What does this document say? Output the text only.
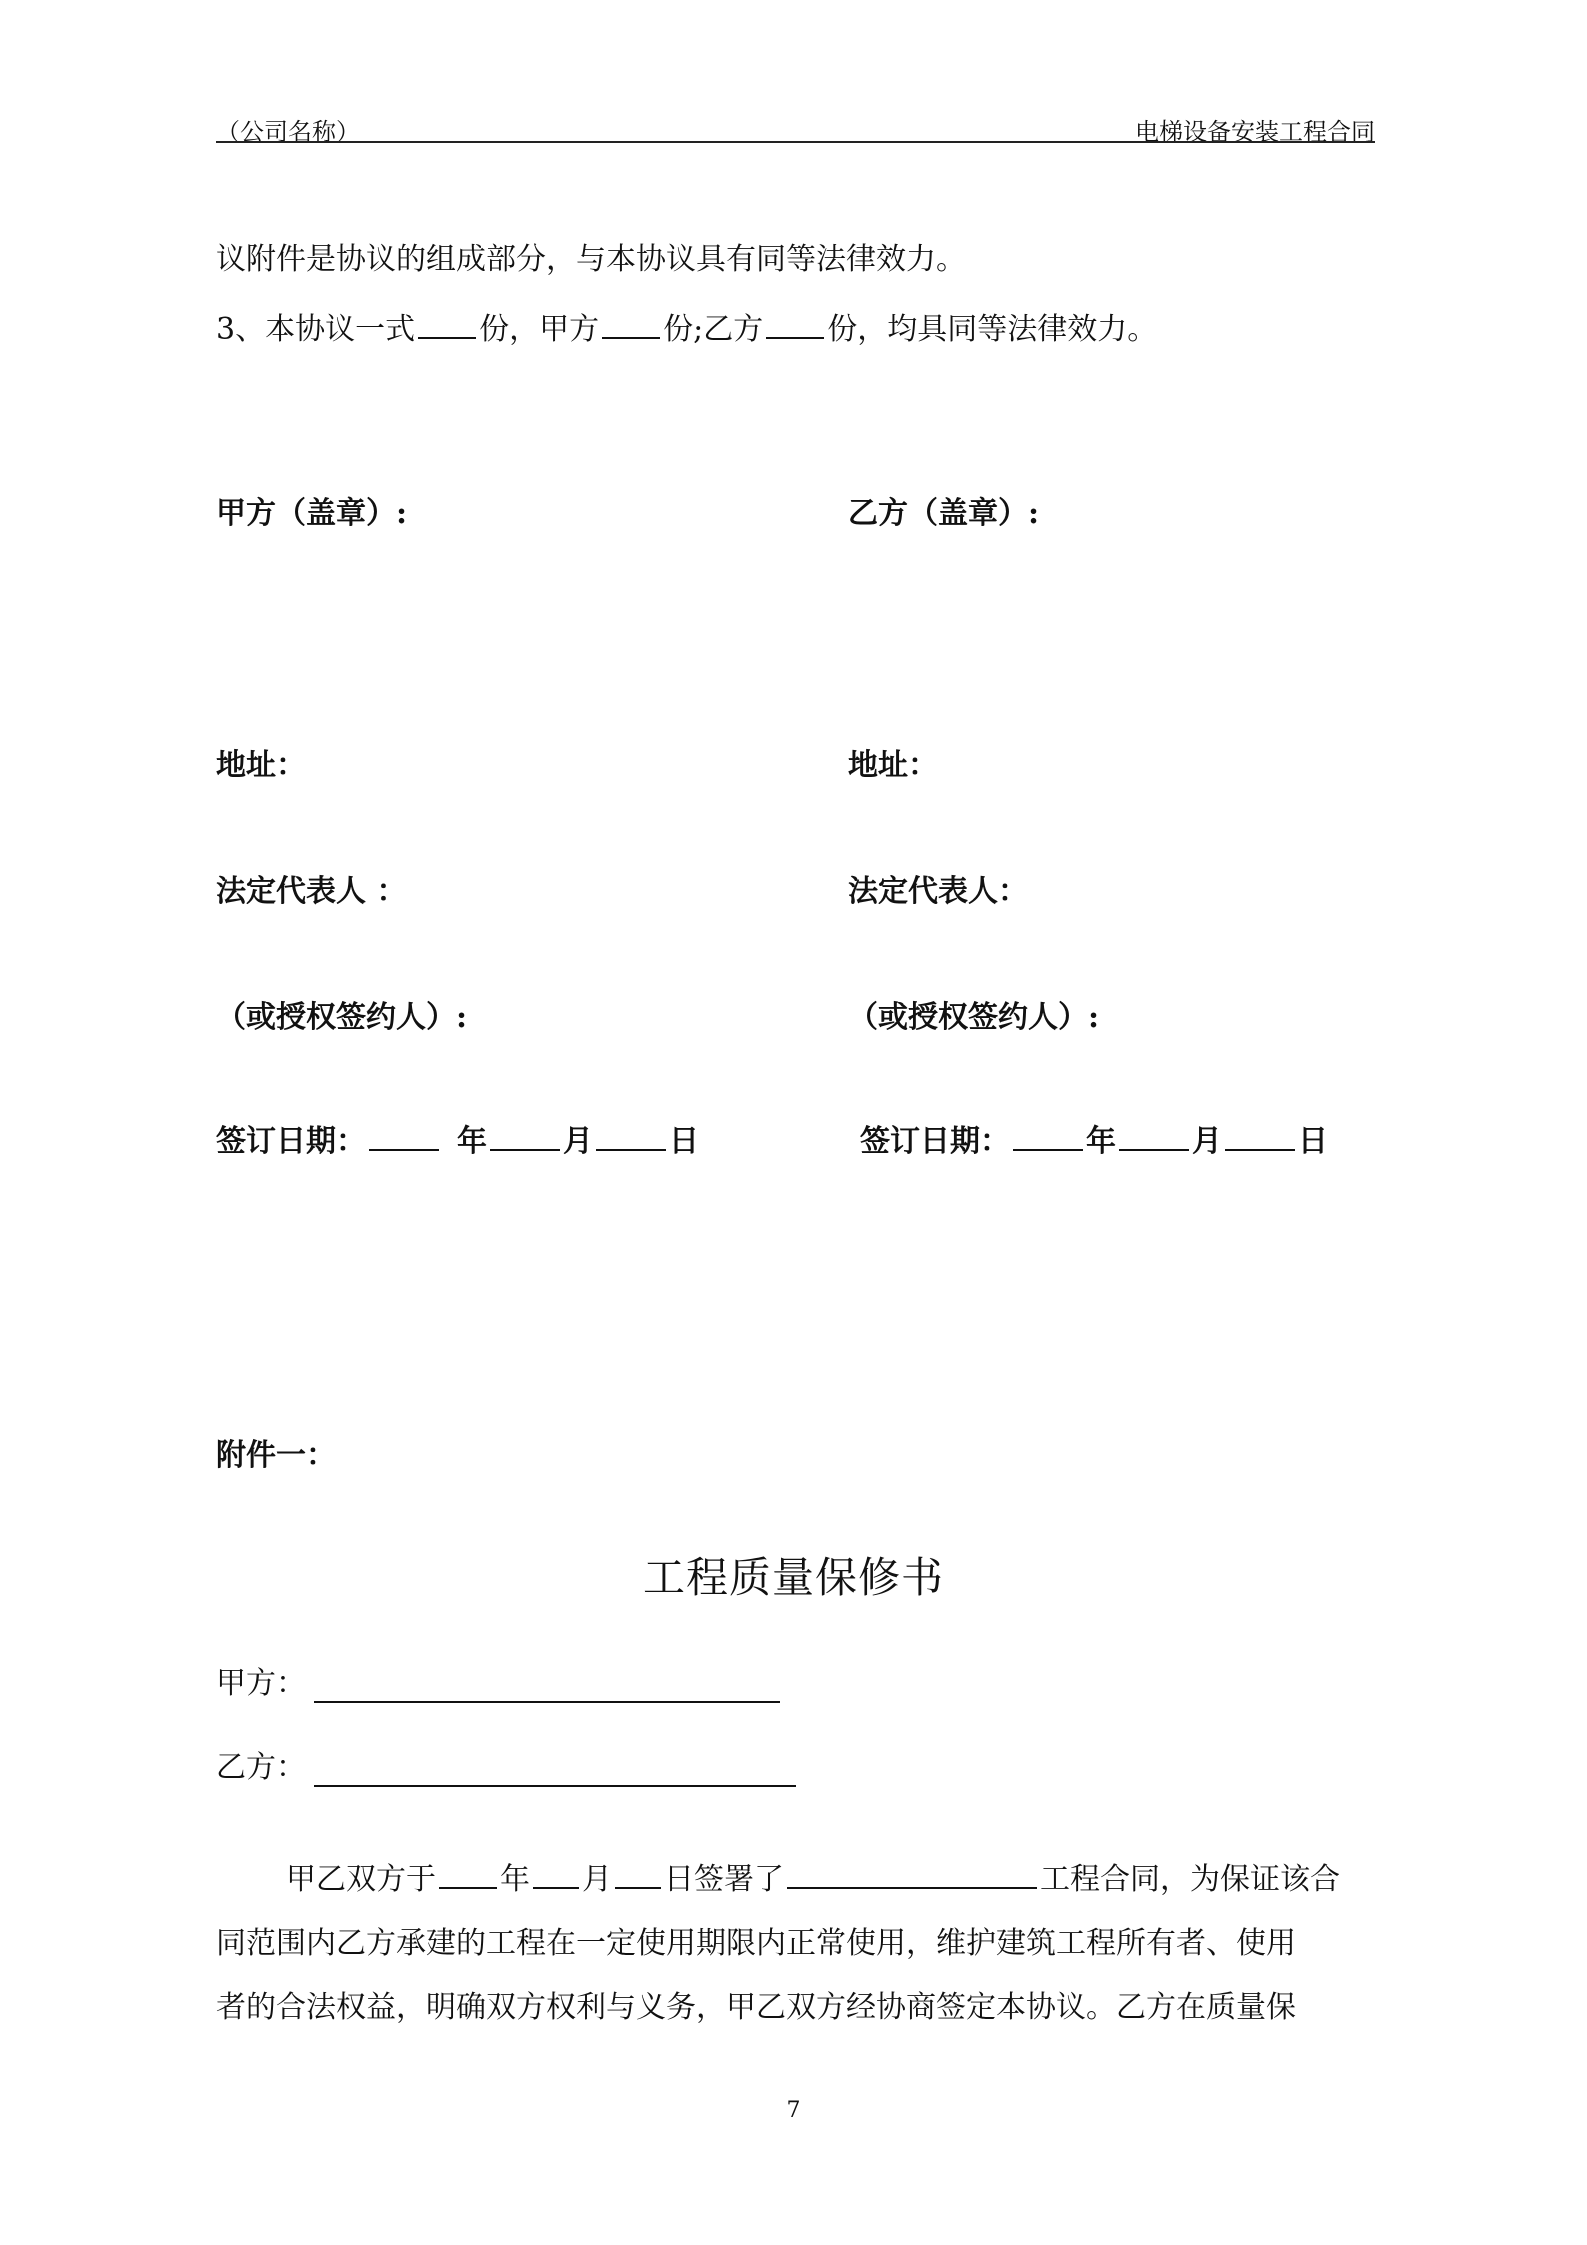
（公司名称）	电梯设备安装工程合同
议附件是协议的组成部分，与本协议具有同等法律效力。
3、本协议一式 份，甲方 份;乙方 份，均具同等法律效力。
甲方（盖章）:	乙方（盖章）:
地址：	地址：
法定代表人 ：	法定代表人：
（或授权签约人）:	（或授权签约人）:
签订日期：	年	月	日	签订日期：	年	月	日
附件一：
工程质量保修书
甲方：
乙方：
甲乙双方于 年 月 日签署了	工程合同，为保证该合
同范围内乙方承建的工程在一定使用期限内正常使用，维护建筑工程所有者、使用
者的合法权益，明确双方权利与义务，甲乙双方经协商签定本协议。乙方在质量保
7
